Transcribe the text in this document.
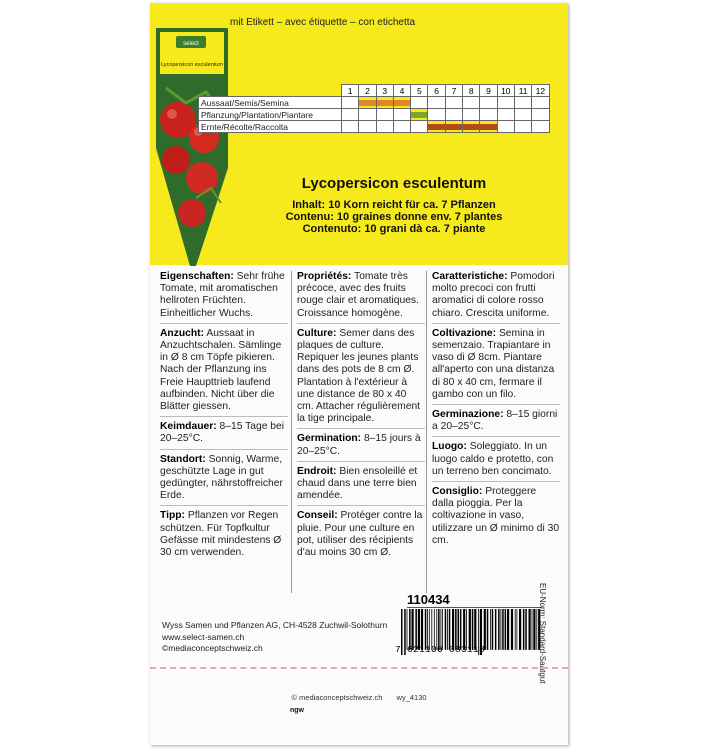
mit Etikett – avec étiquette – con etichetta
select
Lycopersicon esculentum
	1	2	3	4	5	6	7	8	9	10	11	12
Aussaat/Semis/Semina												
Pflanzung/Plantation/Piantare												
Ernte/Récolte/Raccolta												
Lycopersicon esculentum
Inhalt: 10 Korn reicht für ca. 7 Pflanzen
Contenu: 10 graines donne env. 7 plantes
Contenuto: 10 grani dà ca. 7 piante

Eigenschaften: Sehr frühe Tomate, mit aromatischen hellroten Früchten. Einheitlicher Wuchs.

Anzucht: Aussaat in Anzuchtschalen. Sämlinge in Ø 8 cm Töpfe pikieren. Nach der Pflanzung ins Freie Haupttrieb laufend aufbinden. Nicht über die Blätter giessen.

Keimdauer: 8–15 Tage bei 20–25°C.

Standort: Sonnig, Warme, geschützte Lage in gut gedüngter, nährstoffreicher Erde.

Tipp: Pflanzen vor Regen schützen. Für Topfkultur Gefässe mit mindestens Ø 30 cm verwenden.

Propriétés: Tomate très précoce, avec des fruits rouge clair et aromatiques. Croissance homogène.

Culture: Semer dans des plaques de culture. Repiquer les jeunes plants dans des pots de 8 cm Ø. Plantation à l'extérieur à une distance de 80 x 40 cm. Attacher régulièrement la tige principale.

Germination: 8–15 jours à 20–25°C.

Endroit: Bien ensoleillé et chaud dans une terre bien amendée.

Conseil: Protéger contre la pluie. Pour une culture en pot, utiliser des récipients d'au moins 30 cm Ø.

Caratteristiche: Pomodori molto precoci con frutti aromatici di colore rosso chiaro. Crescita uniforme.

Coltivazione: Semina in semenzaio. Trapiantare in vaso di Ø 8cm. Piantare all'aperto con una distanza di 80 x 40 cm, fermare il gambo con un filo.

Germinazione: 8–15 giorni a 20–25°C.

Luogo: Soleggiato. In un luogo caldo e protetto, con un terreno ben concimato.

Consiglio: Proteggere dalla pioggia. Per la coltivazione in vaso, utilizzare un Ø minimo di 30 cm.

110434
Wyss Samen und Pflanzen AG, CH-4528 Zuchwil-Solothurn
www.select-samen.ch
©mediaconceptschweiz.ch	7 621100 083118	EU-Norm: Standard-Saatgut
© mediaconceptschweiz.ch wy_4130
ngw
